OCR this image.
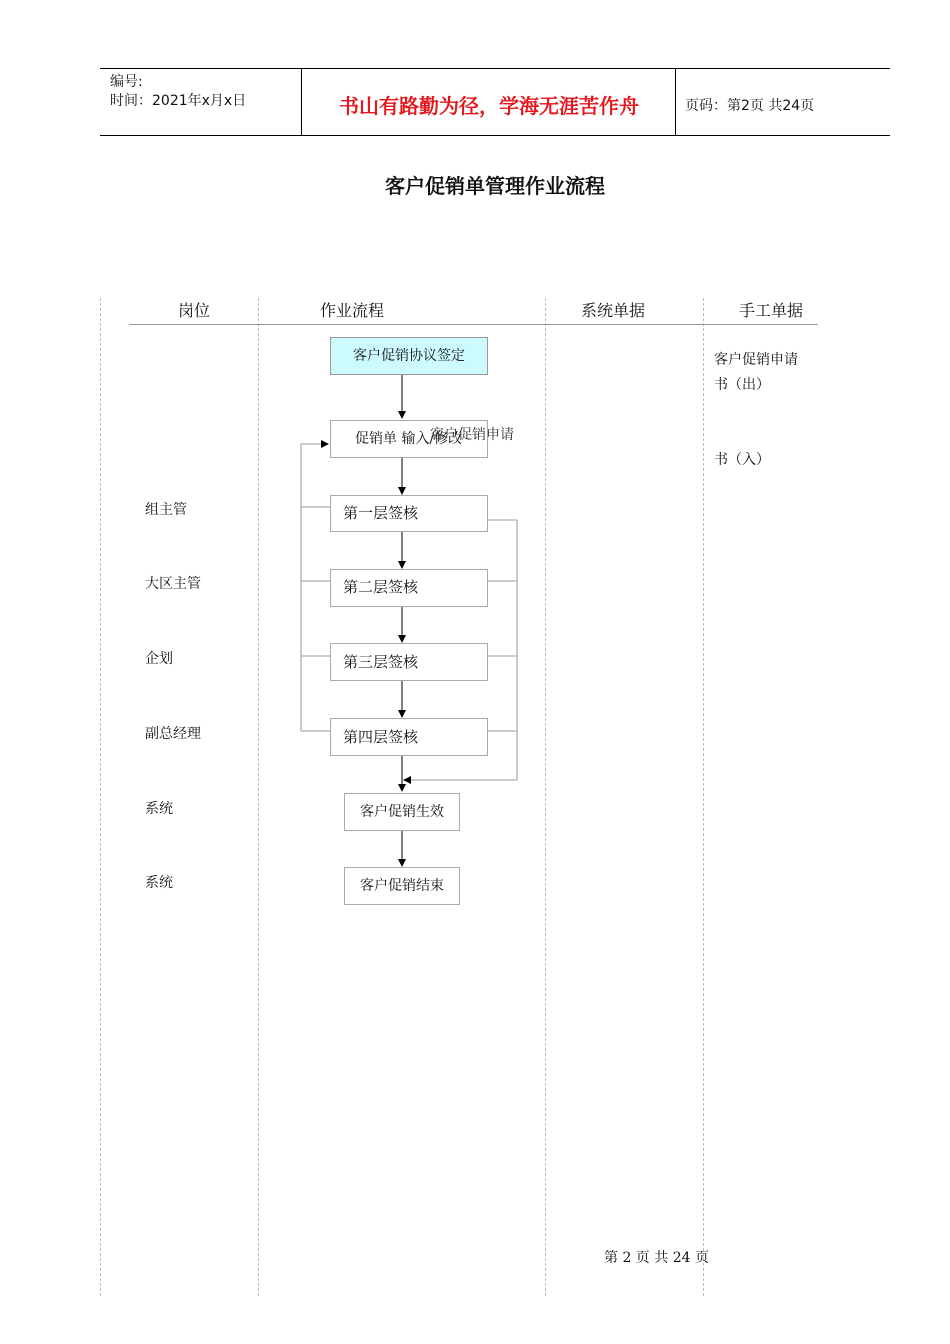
编号:
时间：2021年x月x日	书山有路勤为径，学海无涯苦作舟	页码：第2页 共24页
客户促销单管理作业流程
岗位	作业流程	系统单据	手工单据
组主管
大区主管
企划
副总经理
系统
系统
客户促销协议签定
促销单 输入/修改
客户促销申请
第一层签核
第二层签核
第三层签核
第四层签核
客户促销生效
客户促销结束
客户促销申请
书（出）
书（入）
第 2 页 共 24 页
